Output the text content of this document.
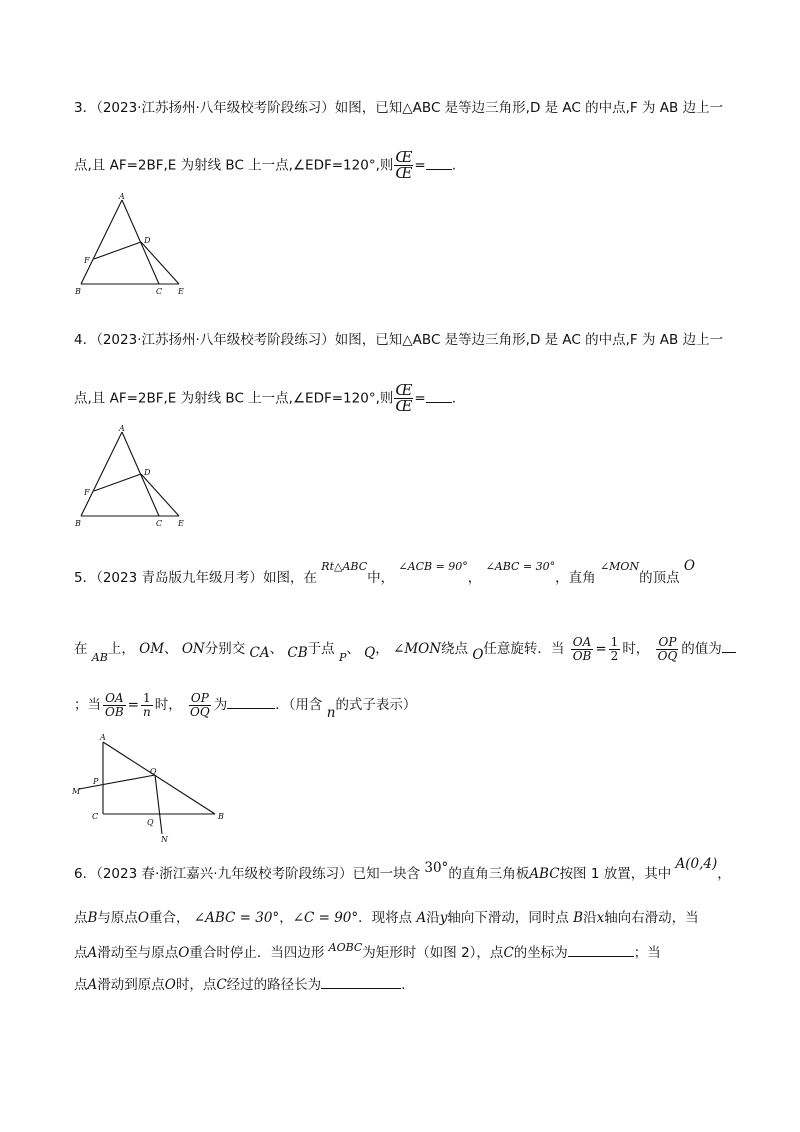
3．（2023·江苏扬州·八年级校考阶段练习）如图，已知△ABC 是等边三角形,D 是 AC 的中点,F 为 AB 边上一
点,且 AF=2BF,E 为射线 BC 上一点,∠EDF=120°,则 $\frac{Œ}{Œ}$ = .
A
B	C
D
E
F
4．（2023·江苏扬州·八年级校考阶段练习）如图，已知△ABC 是等边三角形,D 是 AC 的中点,F 为 AB 边上一
点,且 AF=2BF,E 为射线 BC 上一点,∠EDF=120°,则 $\frac{Œ}{Œ}$ = .
A
B	C
D
E
F
5．（2023 青岛版九年级月考）如图，在 $^{Rt\triangle ABC}$中， $^{\angle ACB = 90^\circ}$， $^{\angle ABC = 30^\circ}$，直角 $^{\angle MON}$的顶点 O
在 $_{AB}$上， OM、 ON分别交 CA、 CB于点 $_P$、 Q， ∠MON绕点 O任意旋转．当 $\frac{OA}{OB} = \frac{1}{2}$ 时， $\frac{OP}{OQ}$ 的值为
；当 $\frac{OA}{OB} = \frac{1}{n}$ 时， $\frac{OP}{OQ}$ 为	．（用含 n的式子表示）
A
B
C
M
N
O
P
Q
6．（2023 春·浙江嘉兴·九年级校考阶段练习）已知一块含 30°的直角三角板ABC按图 1 放置，其中 A(0,4)，
点B与原点O重合， ∠ABC = 30°，∠C = 90°．现将点 A沿y轴向下滑动，同时点 B沿x轴向右滑动，当
点A滑动至与原点O重合时停止．当四边形 $^{AOBC}$为矩形时（如图 2），点C的坐标为	；当
点A滑动到原点O时，点C经过的路径长为	.
